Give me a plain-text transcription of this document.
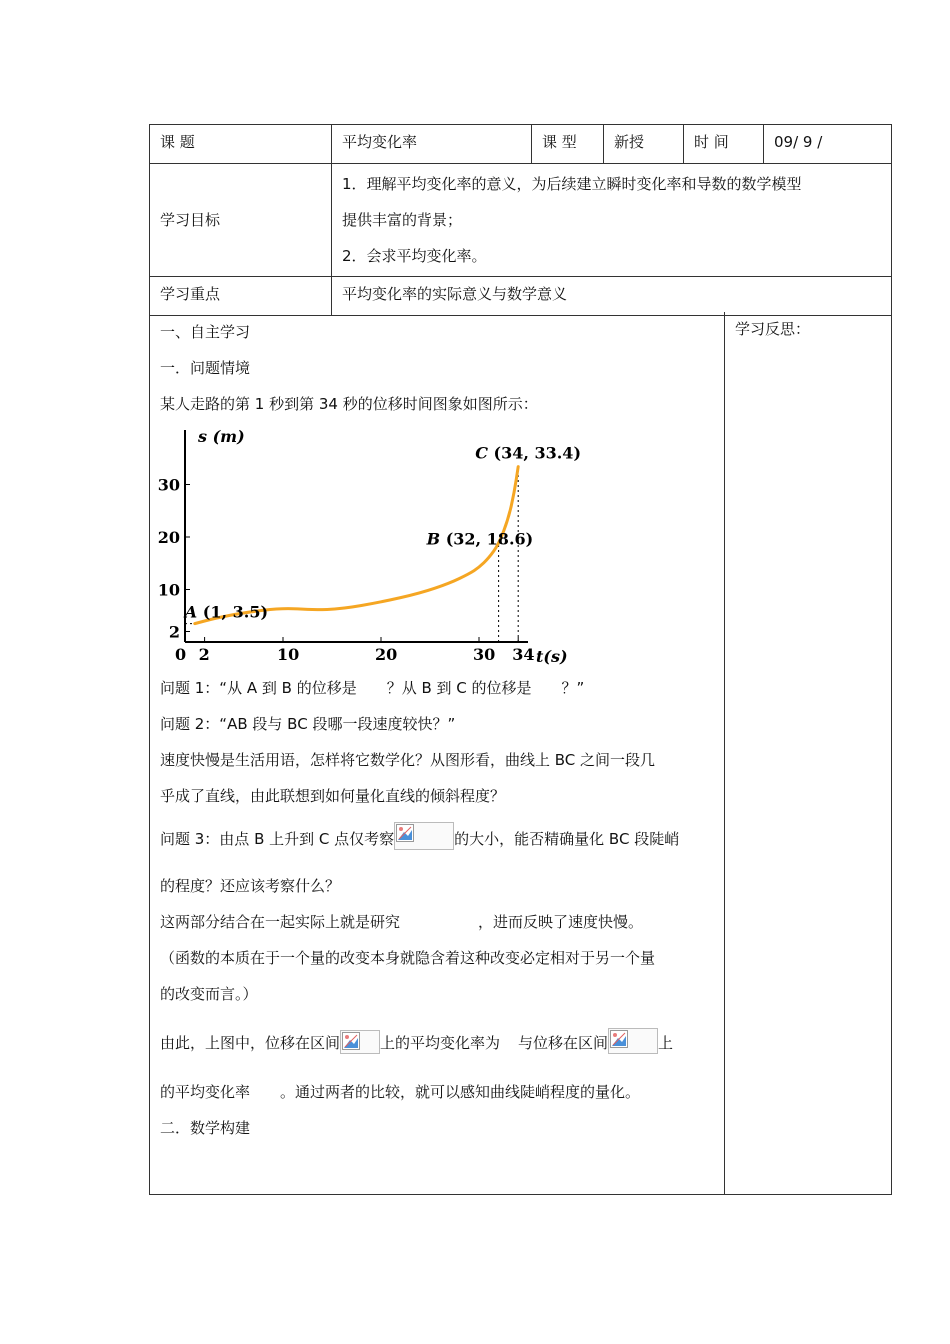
课 题	平均变化率	课 型	新授	时 间	09/ 9 /
学习目标	1．理解平均变化率的意义，为后续建立瞬时变化率和导数的数学模型
提供丰富的背景；
2．会求平均变化率。				

学习重点	平均变化率的实际意义与数学意义				
学习反思：

一、自主学习

一．问题情境

某人走路的第 1 秒到第 34 秒的位移时间图象如图所示：

s (m)
t(s)
0 2	10	20	30 34
2
10
20
30
A (1, 3.5)
B (32, 18.6)
C (34, 33.4)

问题 1：“从 A 到 B 的位移是　　？从 B 到 C 的位移是　　？”

问题 2：“AB 段与 BC 段哪一段速度较快？”

速度快慢是生活用语，怎样将它数学化？从图形看，曲线上 BC 之间一段几

乎成了直线，由此联想到如何量化直线的倾斜程度？

问题 3：由点 B 上升到 C 点仅考察	的大小，能否精确量化 BC 段陡峭

的程度？还应该考察什么？

这两部分结合在一起实际上就是研究	，进而反映了速度快慢。

（函数的本质在于一个量的改变本身就隐含着这种改变必定相对于另一个量

的改变而言。）

由此，上图中，位移在区间	上的平均变化率为 与位移在区间	上

的平均变化率　　。通过两者的比较，就可以感知曲线陡峭程度的量化。

二．数学构建
